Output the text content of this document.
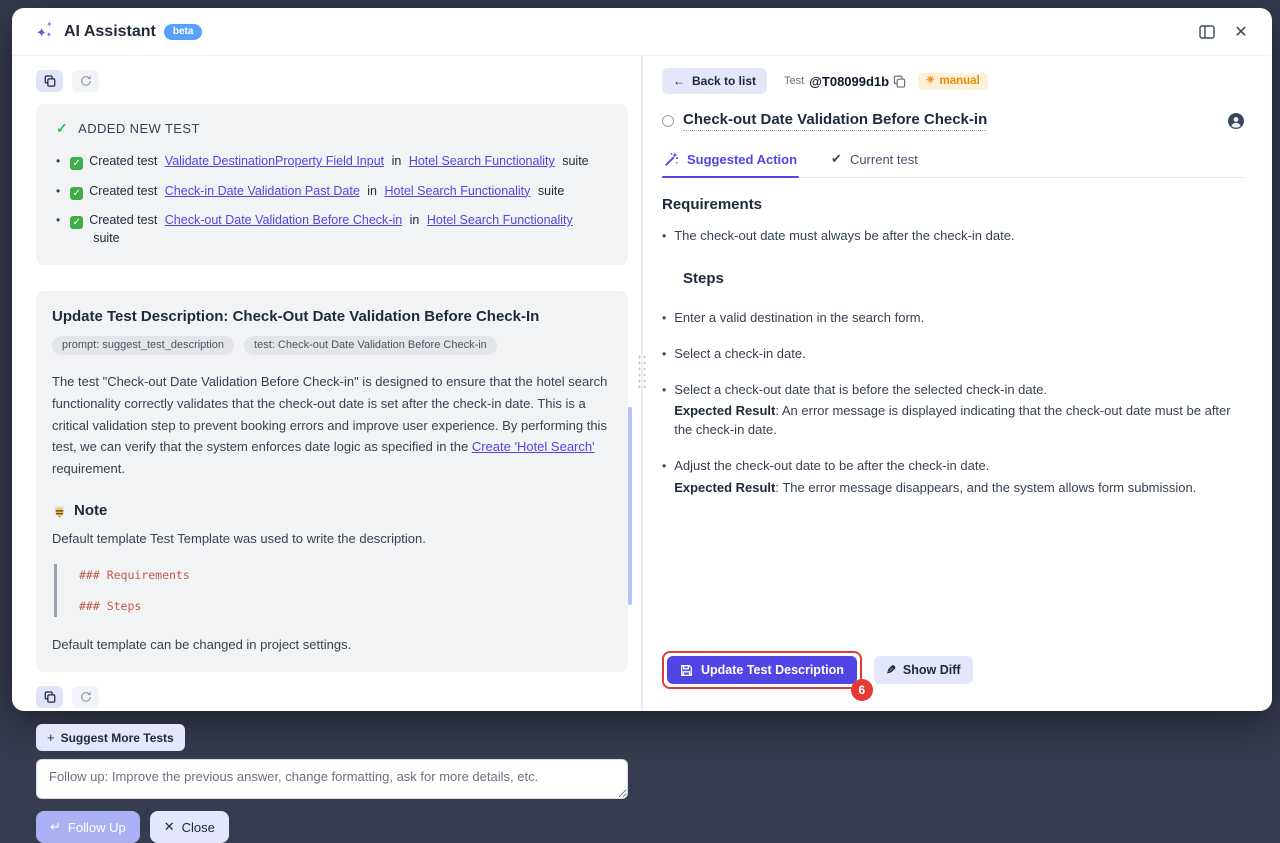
✦
✦
✦ AI Assistant	beta	✕
✓ ADDED NEW TEST
• ✓ Created test Validate DestinationProperty Field Input in Hotel Search Functionality suite
• ✓ Created test Check-in Date Validation Past Date in Hotel Search Functionality suite
• ✓ Created test Check-out Date Validation Before Check-in in Hotel Search Functionality suite
Update Test Description: Check-Out Date Validation Before Check-In
prompt: suggest_test_description	test: Check-out Date Validation Before Check-in

The test "Check-out Date Validation Before Check-in" is designed to ensure that the hotel search functionality correctly validates that the check-out date is set after the check-in date. This is a critical validation step to prevent booking errors and improve user experience. By performing this test, we can verify that the system enforces date logic as specified in the Create 'Hotel Search' requirement.

Note

Default template Test Template was used to write the description.

### Requirements
### Steps

Default template can be changed in project settings.

+ Suggest More Tests
Follow up: Improve the previous answer, change formatting, ask for more details, etc.
↵ Follow Up	✕ Close
← Back to list	Test @T08099d1b	✳ manual
Check-out Date Validation Before Check-in
Suggested Action	✔ Current test
Requirements
• The check-out date must always be after the check-in date.
Steps
• Enter a valid destination in the search form.
• Select a check-in date.
• Select a check-out date that is before the selected check-in date.
Expected Result: An error message is displayed indicating that the check-out date must be after the check-in date.
• Adjust the check-out date to be after the check-in date.
Expected Result: The error message disappears, and the system allows form submission.
Update Test Description
6
✎ Show Diff
